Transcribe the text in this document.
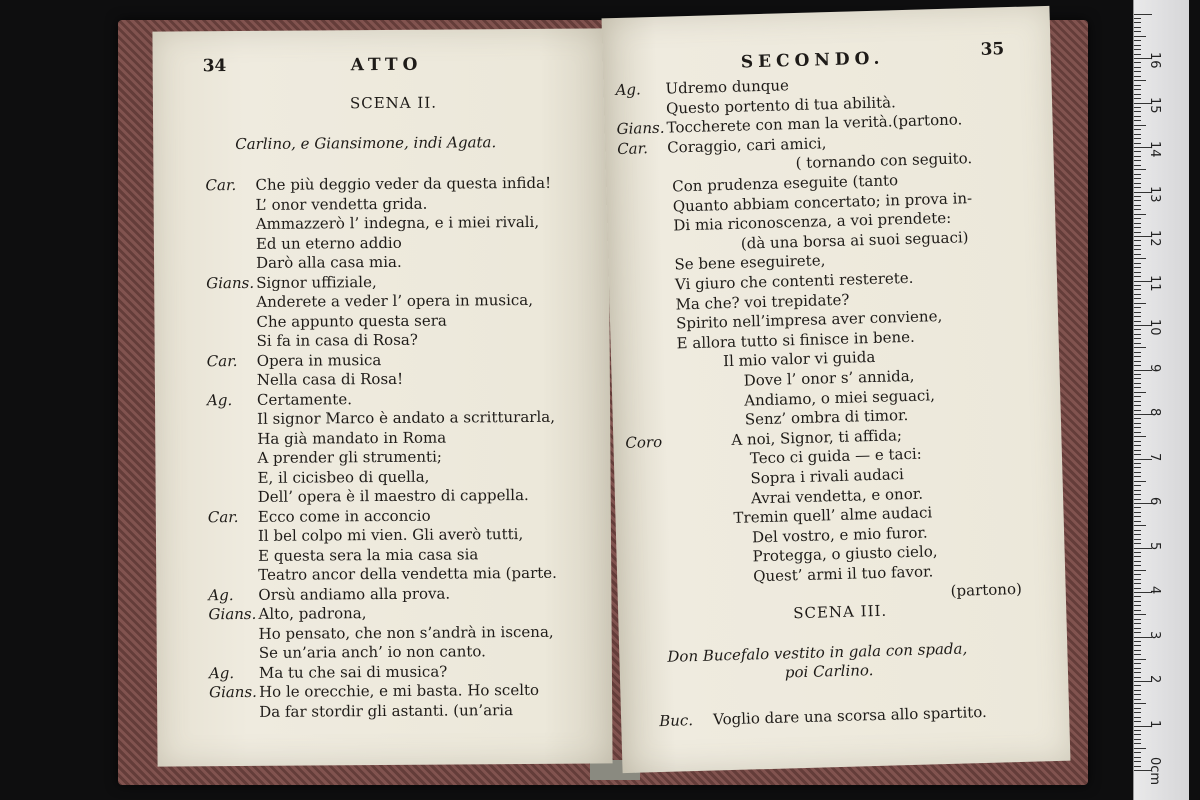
34	ATTO
SCENA II.
Carlino, e Giansimone, indi Agata.
Car. Che più deggio veder da questa infida!
L’ onor vendetta grida.
Ammazzerò l’ indegna, e i miei rivali,
Ed un eterno addio
Darò alla casa mia.
Gians. Signor uffiziale,
Anderete a veder l’ opera in musica,
Che appunto questa sera
Si fa in casa di Rosa?
Car. Opera in musica
Nella casa di Rosa!
Ag. Certamente.
Il signor Marco è andato a scritturarla,
Ha già mandato in Roma
A prender gli strumenti;
E, il cicisbeo di quella,
Dell’ opera è il maestro di cappella.
Car. Ecco come in acconcio
Il bel colpo mi vien. Gli averò tutti,
E questa sera la mia casa sia
Teatro ancor della vendetta mia (parte.
Ag. Orsù andiamo alla prova.
Gians. Alto, padrona,
Ho pensato, che non s’andrà in iscena,
Se un’aria anch’ io non canto.
Ag. Ma tu che sai di musica?
Gians. Ho le orecchie, e mi basta. Ho scelto
Da far stordir gli astanti. (un’aria
SECONDO.	35
Ag. Udremo dunque
Questo portento di tua abilità.
Gians. Toccherete con man la verità.(partono.
Car. Coraggio, cari amici,
( tornando con seguito.
Con prudenza eseguite (tanto
Quanto abbiam concertato; in prova in-
Di mia riconoscenza, a voi prendete:
(dà una borsa ai suoi seguaci)
Se bene eseguirete,
Vi giuro che contenti resterete.
Ma che? voi trepidate?
Spirito nell’impresa aver conviene,
E allora tutto si finisce in bene.
Il mio valor vi guida
Dove l’ onor s’ annida,
Andiamo, o miei seguaci,
Senz’ ombra di timor.
Coro	A noi, Signor, ti affida;
Teco ci guida — e taci:
Sopra i rivali audaci
Avrai vendetta, e onor.
Tremin quell’ alme audaci
Del vostro, e mio furor.
Protegga, o giusto cielo,
Quest’ armi il tuo favor.
(partono)
SCENA III.
Don Bucefalo vestito in gala con spada,
poi Carlino.
Buc. Voglio dare una scorsa allo spartito.	1
2
3
4
5
6
7
8
9
10
11
12
13
14
15
16
0cm
